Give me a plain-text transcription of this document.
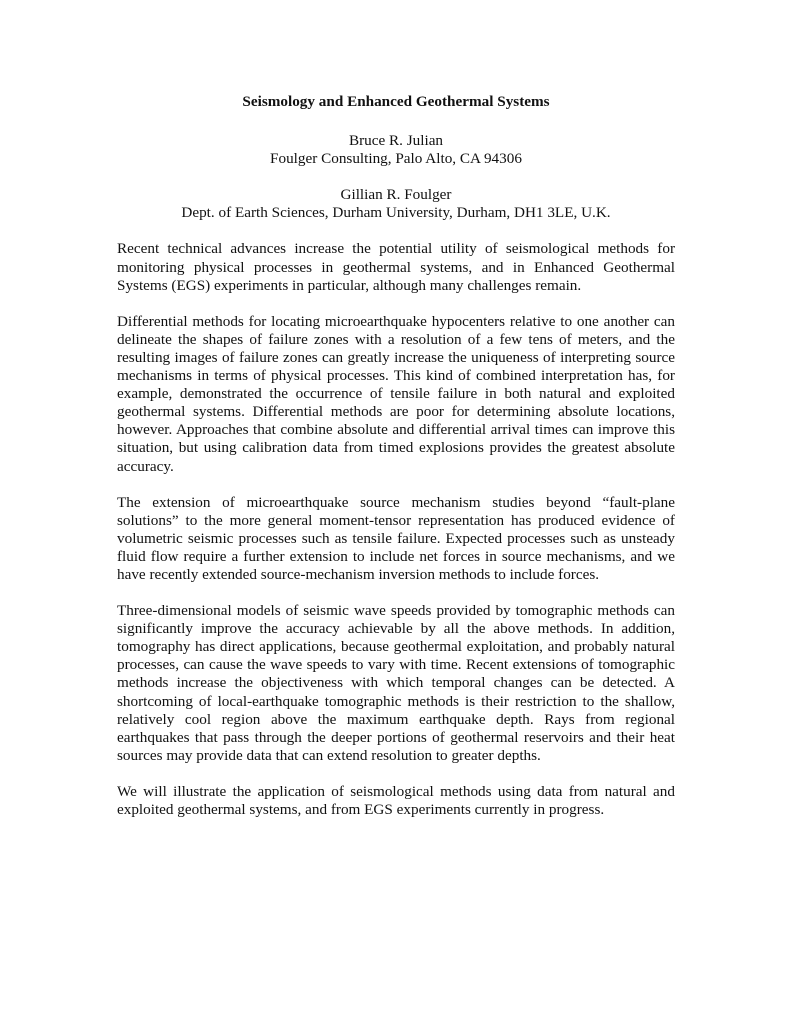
Seismology and Enhanced Geothermal Systems
Bruce R. Julian
Foulger Consulting, Palo Alto, CA 94306
Gillian R. Foulger
Dept. of Earth Sciences, Durham University, Durham, DH1 3LE, U.K.

Recent technical advances increase the potential utility of seismological methods for monitoring physical processes in geothermal systems, and in Enhanced Geothermal Systems (EGS) experiments in particular, although many challenges remain.

Differential methods for locating microearthquake hypocenters relative to one another can delineate the shapes of failure zones with a resolution of a few tens of meters, and the resulting images of failure zones can greatly increase the uniqueness of interpreting source mechanisms in terms of physical processes. This kind of combined interpretation has, for example, demonstrated the occurrence of tensile failure in both natural and exploited geothermal systems. Differential methods are poor for determining absolute locations, however. Approaches that combine absolute and differential arrival times can improve this situation, but using calibration data from timed explosions provides the greatest absolute accuracy.

The extension of microearthquake source mechanism studies beyond “fault-plane solutions” to the more general moment-tensor representation has produced evidence of volumetric seismic processes such as tensile failure. Expected processes such as unsteady fluid flow require a further extension to include net forces in source mechanisms, and we have recently extended source-mechanism inversion methods to include forces.

Three-dimensional models of seismic wave speeds provided by tomographic methods can significantly improve the accuracy achievable by all the above methods. In addition, tomography has direct applications, because geothermal exploitation, and probably natural processes, can cause the wave speeds to vary with time. Recent extensions of tomographic methods increase the objectiveness with which temporal changes can be detected. A shortcoming of local-earthquake tomographic methods is their restriction to the shallow, relatively cool region above the maximum earthquake depth. Rays from regional earthquakes that pass through the deeper portions of geothermal reservoirs and their heat sources may provide data that can extend resolution to greater depths.

We will illustrate the application of seismological methods using data from natural and exploited geothermal systems, and from EGS experiments currently in progress.
